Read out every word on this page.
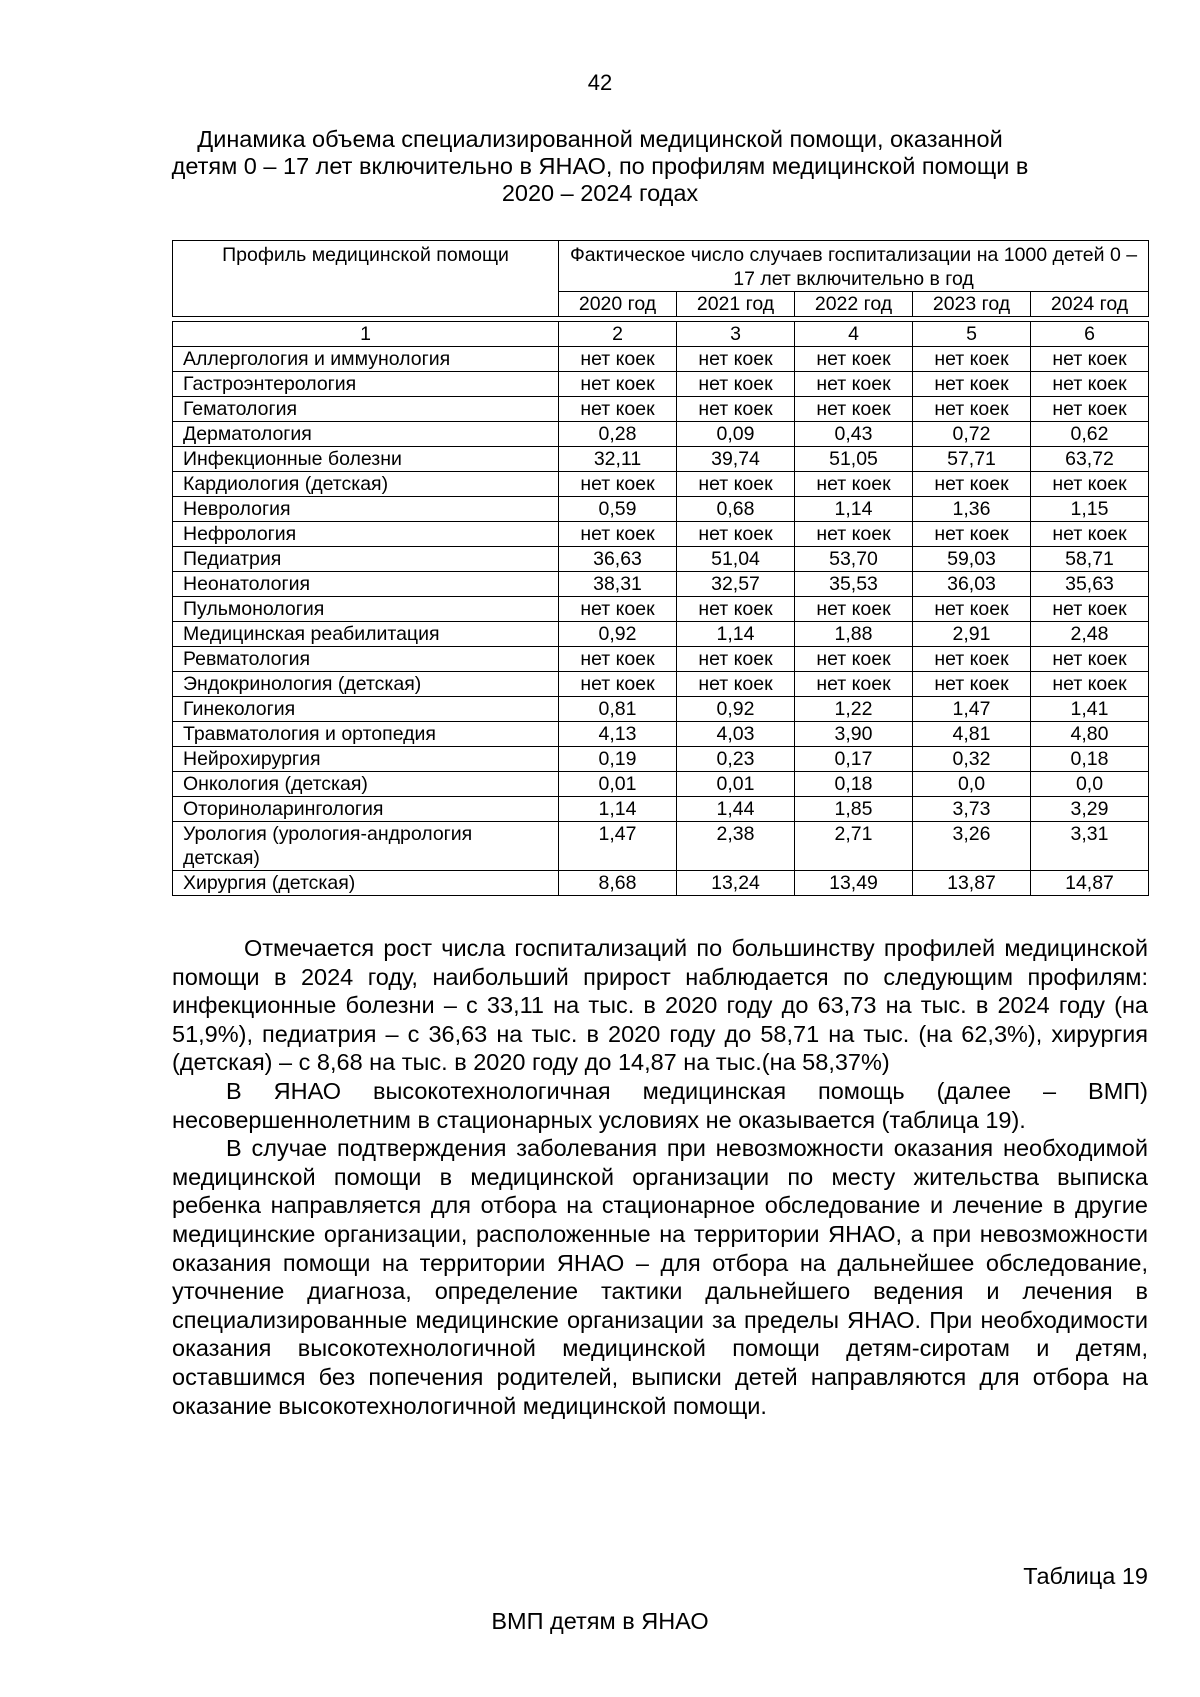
42
Динамика объема специализированной медицинской помощи, оказанной
детям 0 – 17 лет включительно в ЯНАО, по профилям медицинской помощи в
2020 – 2024 годах
Профиль медицинской помощи	Фактическое число случаев госпитализации на 1000 детей 0 – 17 лет включительно в год				
	2020 год	2021 год	2022 год	2023 год	2024 год

1	2	3	4	5	6
Аллергология и иммунология	нет коек	нет коек	нет коек	нет коек	нет коек
Гастроэнтерология	нет коек	нет коек	нет коек	нет коек	нет коек
Гематология	нет коек	нет коек	нет коек	нет коек	нет коек
Дерматология	0,28	0,09	0,43	0,72	0,62
Инфекционные болезни	32,11	39,74	51,05	57,71	63,72
Кардиология (детская)	нет коек	нет коек	нет коек	нет коек	нет коек
Неврология	0,59	0,68	1,14	1,36	1,15
Нефрология	нет коек	нет коек	нет коек	нет коек	нет коек
Педиатрия	36,63	51,04	53,70	59,03	58,71
Неонатология	38,31	32,57	35,53	36,03	35,63
Пульмонология	нет коек	нет коек	нет коек	нет коек	нет коек
Медицинская реабилитация	0,92	1,14	1,88	2,91	2,48
Ревматология	нет коек	нет коек	нет коек	нет коек	нет коек
Эндокринология (детская)	нет коек	нет коек	нет коек	нет коек	нет коек
Гинекология	0,81	0,92	1,22	1,47	1,41
Травматология и ортопедия	4,13	4,03	3,90	4,81	4,80
Нейрохирургия	0,19	0,23	0,17	0,32	0,18
Онкология (детская)	0,01	0,01	0,18	0,0	0,0
Оториноларингология	1,14	1,44	1,85	3,73	3,29
Урология (урология-андрология детская)	1,47	2,38	2,71	3,26	3,31
Хирургия (детская)	8,68	13,24	13,49	13,87	14,87

Отмечается рост числа госпитализаций по большинству профилей медицинской помощи в 2024 году, наибольший прирост наблюдается по следующим профилям: инфекционные болезни – с 33,11 на тыс. в 2020 году до 63,73 на тыс. в 2024 году (на 51,9%), педиатрия – с 36,63 на тыс. в 2020 году до 58,71 на тыс. (на 62,3%), хирургия (детская) – с 8,68 на тыс. в 2020 году до 14,87 на тыс.(на 58,37%)

В ЯНАО высокотехнологичная медицинская помощь (далее – ВМП) несовершеннолетним в стационарных условиях не оказывается (таблица 19).

В случае подтверждения заболевания при невозможности оказания необходимой медицинской помощи в медицинской организации по месту жительства выписка ребенка направляется для отбора на стационарное обследование и лечение в другие медицинские организации, расположенные на территории ЯНАО, а при невозможности оказания помощи на территории ЯНАО – для отбора на дальнейшее обследование, уточнение диагноза, определение тактики дальнейшего ведения и лечения в специализированные медицинские организации за пределы ЯНАО. При необходимости оказания высокотехнологичной медицинской помощи детям-сиротам и детям, оставшимся без попечения родителей, выписки детей направляются для отбора на оказание высокотехнологичной медицинской помощи.

Таблица 19
ВМП детям в ЯНАО
